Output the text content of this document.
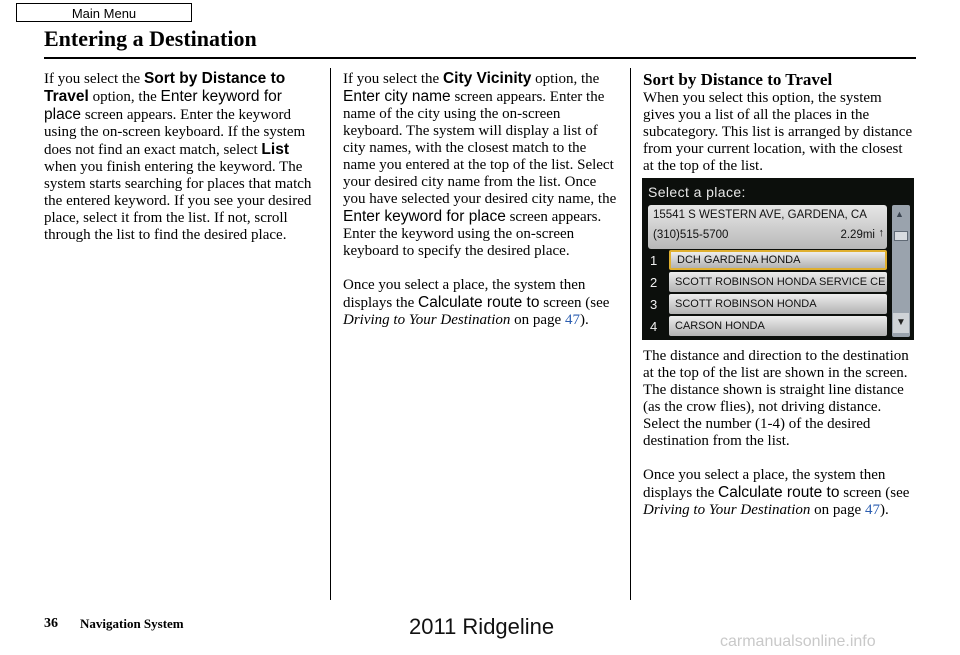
Main Menu
Entering a Destination

If you select the Sort by Distance to Travel option, the Enter keyword for place screen appears. Enter the keyword using the on-screen keyboard. If the system does not find an exact match, select List when you finish entering the keyword. The system starts searching for places that match the entered keyword. If you see your desired place, select it from the list. If not, scroll through the list to find the desired place.

If you select the City Vicinity option, the Enter city name screen appears. Enter the name of the city using the on-screen keyboard. The system will display a list of city names, with the closest match to the name you entered at the top of the list. Select your desired city name from the list. Once you have selected your desired city name, the Enter keyword for place screen appears. Enter the keyword using the on-screen keyboard to specify the desired place.

Once you select a place, the system then displays the Calculate route to screen (see Driving to Your Destination on page 47).

Sort by Distance to Travel

When you select this option, the system gives you a list of all the places in the subcategory. This list is arranged by distance from your current location, with the closest at the top of the list.

The distance and direction to the destination at the top of the list are shown in the screen. The distance shown is straight line distance (as the crow flies), not driving distance. Select the number (1-4) of the desired destination from the list.

Once you select a place, the system then displays the Calculate route to screen (see Driving to Your Destination on page 47).

Select a place:
15541 S WESTERN AVE, GARDENA, CA
(310)515-5700	2.29mi ↑
1	DCH GARDENA HONDA
2	SCOTT ROBINSON HONDA SERVICE CE
3	SCOTT ROBINSON HONDA
4	CARSON HONDA
▲
▼
36 Navigation System	2011 Ridgeline
carmanualsonline.info
